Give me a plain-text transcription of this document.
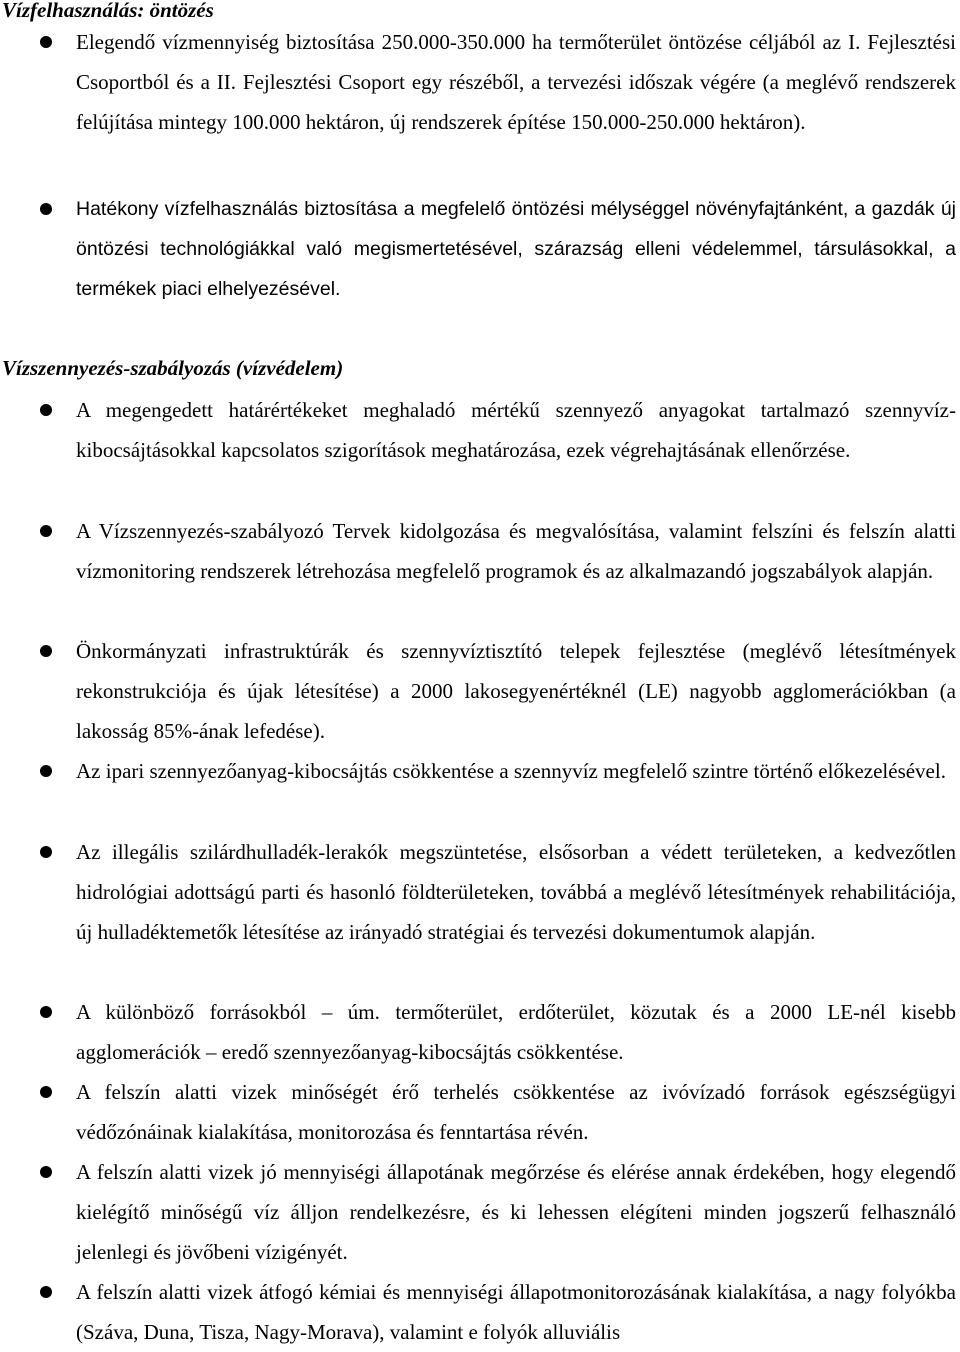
Vízfelhasználás: öntözés
Elegendő vízmennyiség biztosítása 250.000-350.000 ha termőterület öntözése céljából az I. Fejlesztési Csoportból és a II. Fejlesztési Csoport egy részéből, a tervezési időszak végére (a meglévő rendszerek felújítása mintegy 100.000 hektáron, új rendszerek építése 150.000-250.000 hektáron).
Hatékony vízfelhasználás biztosítása a megfelelő öntözési mélységgel növényfajtánként, a gazdák új öntözési technológiákkal való megismertetésével, szárazság elleni védelemmel, társulásokkal, a termékek piaci elhelyezésével.
Vízszennyezés-szabályozás (vízvédelem)
A megengedett határértékeket meghaladó mértékű szennyező anyagokat tartalmazó szennyvíz-kibocsájtásokkal kapcsolatos szigorítások meghatározása, ezek végrehajtásának ellenőrzése.
A Vízszennyezés-szabályozó Tervek kidolgozása és megvalósítása, valamint felszíni és felszín alatti vízmonitoring rendszerek létrehozása megfelelő programok és az alkalmazandó jogszabályok alapján.
Önkormányzati infrastruktúrák és szennyvíztisztító telepek fejlesztése (meglévő létesítmények rekonstrukciója és újak létesítése) a 2000 lakosegyenértéknél (LE) nagyobb agglomerációkban (a lakosság 85%-ának lefedése).
Az ipari szennyezőanyag-kibocsájtás csökkentése a szennyvíz megfelelő szintre történő előkezelésével.
Az illegális szilárdhulladék-lerakók megszüntetése, elsősorban a védett területeken, a kedvezőtlen hidrológiai adottságú parti és hasonló földterületeken, továbbá a meglévő létesítmények rehabilitációja, új hulladéktemetők létesítése az irányadó stratégiai és tervezési dokumentumok alapján.
A különböző forrásokból – úm. termőterület, erdőterület, közutak és a 2000 LE-nél kisebb agglomerációk – eredő szennyezőanyag-kibocsájtás csökkentése.
A felszín alatti vizek minőségét érő terhelés csökkentése az ivóvízadó források egészségügyi védőzónáinak kialakítása, monitorozása és fenntartása révén.
A felszín alatti vizek jó mennyiségi állapotának megőrzése és elérése annak érdekében, hogy elegendő kielégítő minőségű víz álljon rendelkezésre, és ki lehessen elégíteni minden jogszerű felhasználó jelenlegi és jövőbeni vízigényét.
A felszín alatti vizek átfogó kémiai és mennyiségi állapotmonitorozásának kialakítása, a nagy folyókba (Száva, Duna, Tisza, Nagy-Morava), valamint e folyók alluviális
